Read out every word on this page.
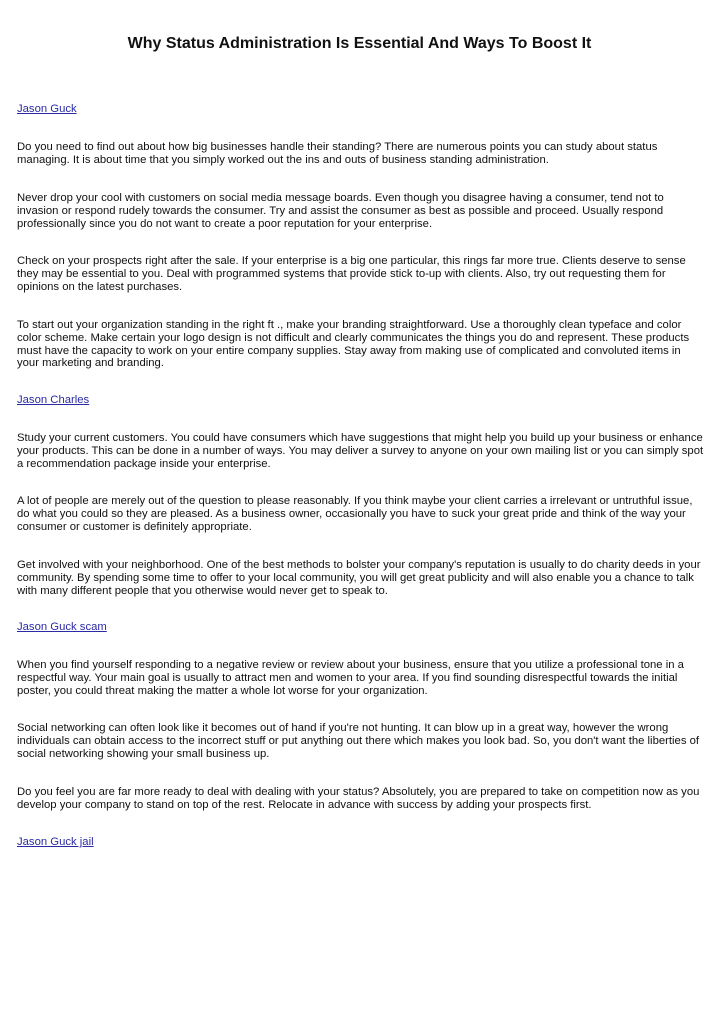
Why Status Administration Is Essential And Ways To Boost It
Jason Guck

Do you need to find out about how big businesses handle their standing? There are numerous points you can study about status managing. It is about time that you simply worked out the ins and outs of business standing administration.

Never drop your cool with customers on social media message boards. Even though you disagree having a consumer, tend not to invasion or respond rudely towards the consumer. Try and assist the consumer as best as possible and proceed. Usually respond professionally since you do not want to create a poor reputation for your enterprise.

Check on your prospects right after the sale. If your enterprise is a big one particular, this rings far more true. Clients deserve to sense they may be essential to you. Deal with programmed systems that provide stick to-up with clients. Also, try out requesting them for opinions on the latest purchases.

To start out your organization standing in the right ft ., make your branding straightforward. Use a thoroughly clean typeface and color color scheme. Make certain your logo design is not difficult and clearly communicates the things you do and represent. These products must have the capacity to work on your entire company supplies. Stay away from making use of complicated and convoluted items in your marketing and branding.

Jason Charles

Study your current customers. You could have consumers which have suggestions that might help you build up your business or enhance your products. This can be done in a number of ways. You may deliver a survey to anyone on your own mailing list or you can simply spot a recommendation package inside your enterprise.

A lot of people are merely out of the question to please reasonably. If you think maybe your client carries a irrelevant or untruthful issue, do what you could so they are pleased. As a business owner, occasionally you have to suck your great pride and think of the way your consumer or customer is definitely appropriate.

Get involved with your neighborhood. One of the best methods to bolster your company's reputation is usually to do charity deeds in your community. By spending some time to offer to your local community, you will get great publicity and will also enable you a chance to talk with many different people that you otherwise would never get to speak to.

Jason Guck scam

When you find yourself responding to a negative review or review about your business, ensure that you utilize a professional tone in a respectful way. Your main goal is usually to attract men and women to your area. If you find sounding disrespectful towards the initial poster, you could threat making the matter a whole lot worse for your organization.

Social networking can often look like it becomes out of hand if you're not hunting. It can blow up in a great way, however the wrong individuals can obtain access to the incorrect stuff or put anything out there which makes you look bad. So, you don't want the liberties of social networking showing your small business up.

Do you feel you are far more ready to deal with dealing with your status? Absolutely, you are prepared to take on competition now as you develop your company to stand on top of the rest. Relocate in advance with success by adding your prospects first.

Jason Guck jail
